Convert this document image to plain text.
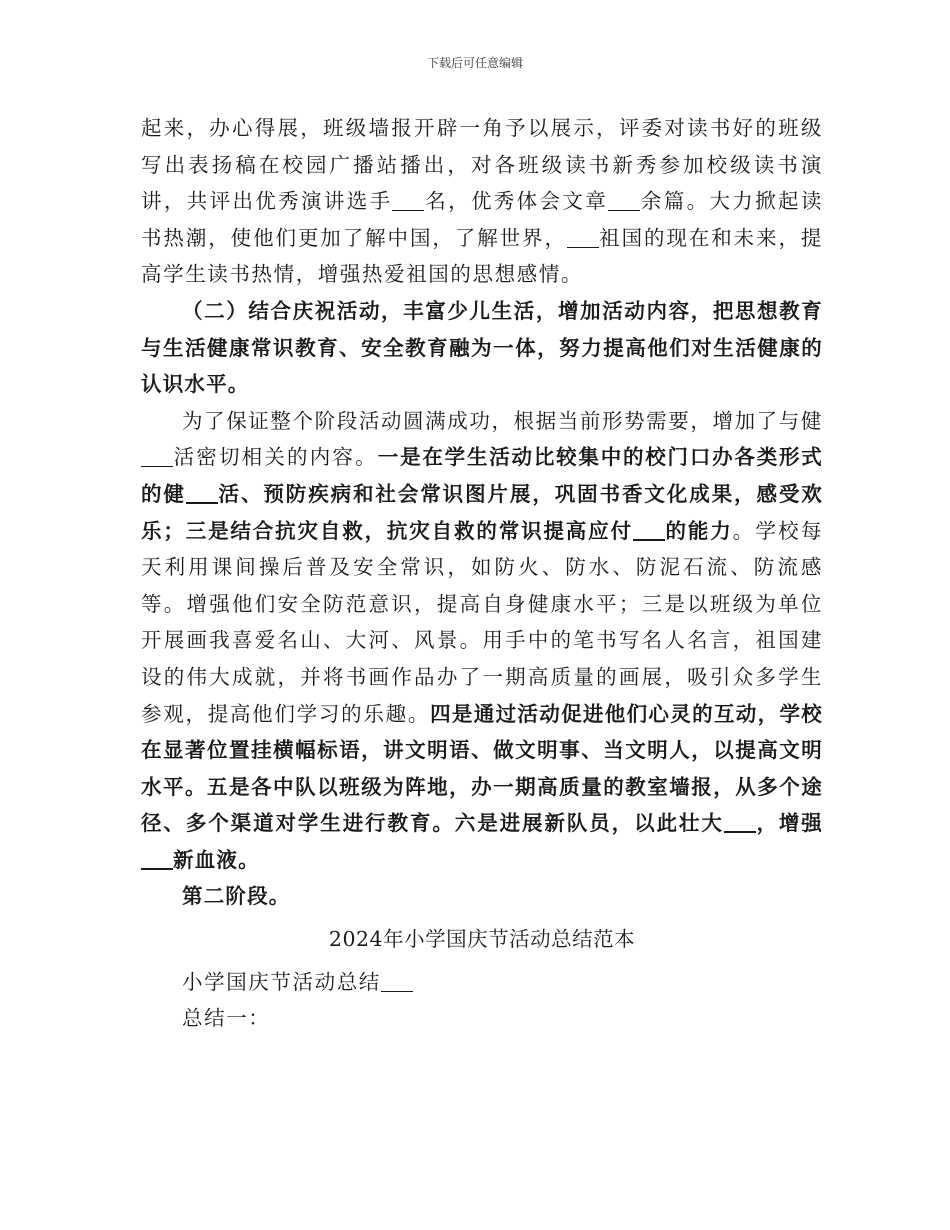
下载后可任意编辑

起来，办心得展，班级墙报开辟一角予以展示，评委对读书好的班级写出表扬稿在校园广播站播出，对各班级读书新秀参加校级读书演讲，共评出优秀演讲选手 名，优秀体会文章 余篇。大力掀起读书热潮，使他们更加了解中国，了解世界， 祖国的现在和未来，提高学生读书热情，增强热爱祖国的思想感情。

（二）结合庆祝活动，丰富少儿生活，增加活动内容，把思想教育与生活健康常识教育、安全教育融为一体，努力提高他们对生活健康的认识水平。

为了保证整个阶段活动圆满成功，根据当前形势需要，增加了与健活密切相关的内容。一是在学生活动比较集中的校门口办各类形式的健 活、预防疾病和社会常识图片展，巩固书香文化成果，感受欢乐；三是结合抗灾自救，抗灾自救的常识提高应付 的能力。学校每天利用课间操后普及安全常识，如防火、防水、防泥石流、防流感等。增强他们安全防范意识，提高自身健康水平；三是以班级为单位开展画我喜爱名山、大河、风景。用手中的笔书写名人名言，祖国建设的伟大成就，并将书画作品办了一期高质量的画展，吸引众多学生参观，提高他们学习的乐趣。四是通过活动促进他们心灵的互动，学校在显著位置挂横幅标语，讲文明语、做文明事、当文明人，以提高文明水平。五是各中队以班级为阵地，办一期高质量的教室墙报，从多个途径、多个渠道对学生进行教育。六是进展新队员，以此壮大 ，增强新血液。

第二阶段。

2024年小学国庆节活动总结范本

小学国庆节活动总结

总结一：
